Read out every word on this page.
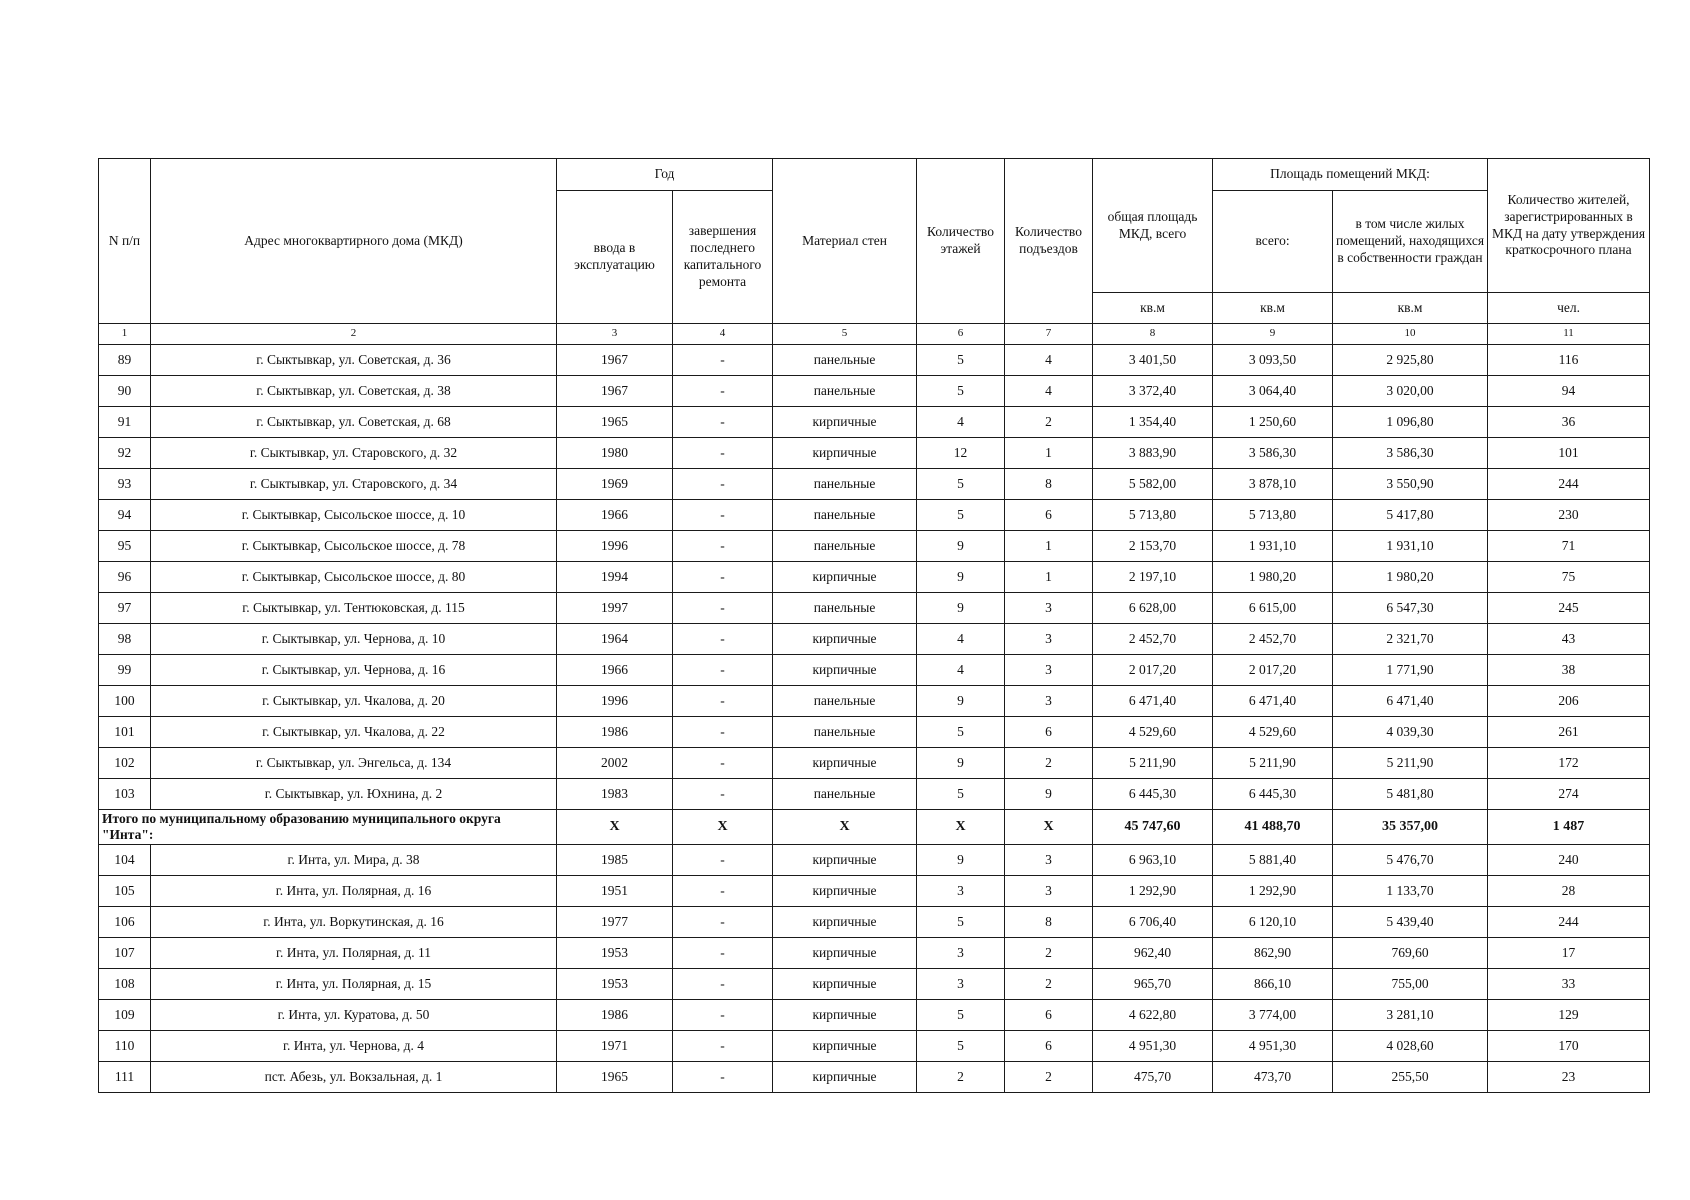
N п/п	Адрес многоквартирного дома (МКД)	Год		Материал стен	Количество этажей	Количество подъездов	общая площадь МКД, всего	Площадь помещений МКД:		Количество жителей, зарегистрированных в МКД на дату утверждения краткосрочного плана
		ввода в эксплуатацию	завершения последнего капитального ремонта					всего:	в том числе жилых помещений, находящихся в собственности граждан	
							кв.м	кв.м	кв.м	чел.
1	2	3	4	5	6	7	8	9	10	11
89	г. Сыктывкар, ул. Советская, д. 36	1967	-	панельные	5	4	3 401,50	3 093,50	2 925,80	116
90	г. Сыктывкар, ул. Советская, д. 38	1967	-	панельные	5	4	3 372,40	3 064,40	3 020,00	94
91	г. Сыктывкар, ул. Советская, д. 68	1965	-	кирпичные	4	2	1 354,40	1 250,60	1 096,80	36
92	г. Сыктывкар, ул. Старовского, д. 32	1980	-	кирпичные	12	1	3 883,90	3 586,30	3 586,30	101
93	г. Сыктывкар, ул. Старовского, д. 34	1969	-	панельные	5	8	5 582,00	3 878,10	3 550,90	244
94	г. Сыктывкар, Сысольское шоссе, д. 10	1966	-	панельные	5	6	5 713,80	5 713,80	5 417,80	230
95	г. Сыктывкар, Сысольское шоссе, д. 78	1996	-	панельные	9	1	2 153,70	1 931,10	1 931,10	71
96	г. Сыктывкар, Сысольское шоссе, д. 80	1994	-	кирпичные	9	1	2 197,10	1 980,20	1 980,20	75
97	г. Сыктывкар, ул. Тентюковская, д. 115	1997	-	панельные	9	3	6 628,00	6 615,00	6 547,30	245
98	г. Сыктывкар, ул. Чернова, д. 10	1964	-	кирпичные	4	3	2 452,70	2 452,70	2 321,70	43
99	г. Сыктывкар, ул. Чернова, д. 16	1966	-	кирпичные	4	3	2 017,20	2 017,20	1 771,90	38
100	г. Сыктывкар, ул. Чкалова, д. 20	1996	-	панельные	9	3	6 471,40	6 471,40	6 471,40	206
101	г. Сыктывкар, ул. Чкалова, д. 22	1986	-	панельные	5	6	4 529,60	4 529,60	4 039,30	261
102	г. Сыктывкар, ул. Энгельса, д. 134	2002	-	кирпичные	9	2	5 211,90	5 211,90	5 211,90	172
103	г. Сыктывкар, ул. Юхнина, д. 2	1983	-	панельные	5	9	6 445,30	6 445,30	5 481,80	274
Итого по муниципальному образованию муниципального округа "Инта":		X	X	X	X	X	45 747,60	41 488,70	35 357,00	1 487
104	г. Инта, ул. Мира, д. 38	1985	-	кирпичные	9	3	6 963,10	5 881,40	5 476,70	240
105	г. Инта, ул. Полярная, д. 16	1951	-	кирпичные	3	3	1 292,90	1 292,90	1 133,70	28
106	г. Инта, ул. Воркутинская, д. 16	1977	-	кирпичные	5	8	6 706,40	6 120,10	5 439,40	244
107	г. Инта, ул. Полярная, д. 11	1953	-	кирпичные	3	2	962,40	862,90	769,60	17
108	г. Инта, ул. Полярная, д. 15	1953	-	кирпичные	3	2	965,70	866,10	755,00	33
109	г. Инта, ул. Куратова, д. 50	1986	-	кирпичные	5	6	4 622,80	3 774,00	3 281,10	129
110	г. Инта, ул. Чернова, д. 4	1971	-	кирпичные	5	6	4 951,30	4 951,30	4 028,60	170
111	пст. Абезь, ул. Вокзальная, д. 1	1965	-	кирпичные	2	2	475,70	473,70	255,50	23
